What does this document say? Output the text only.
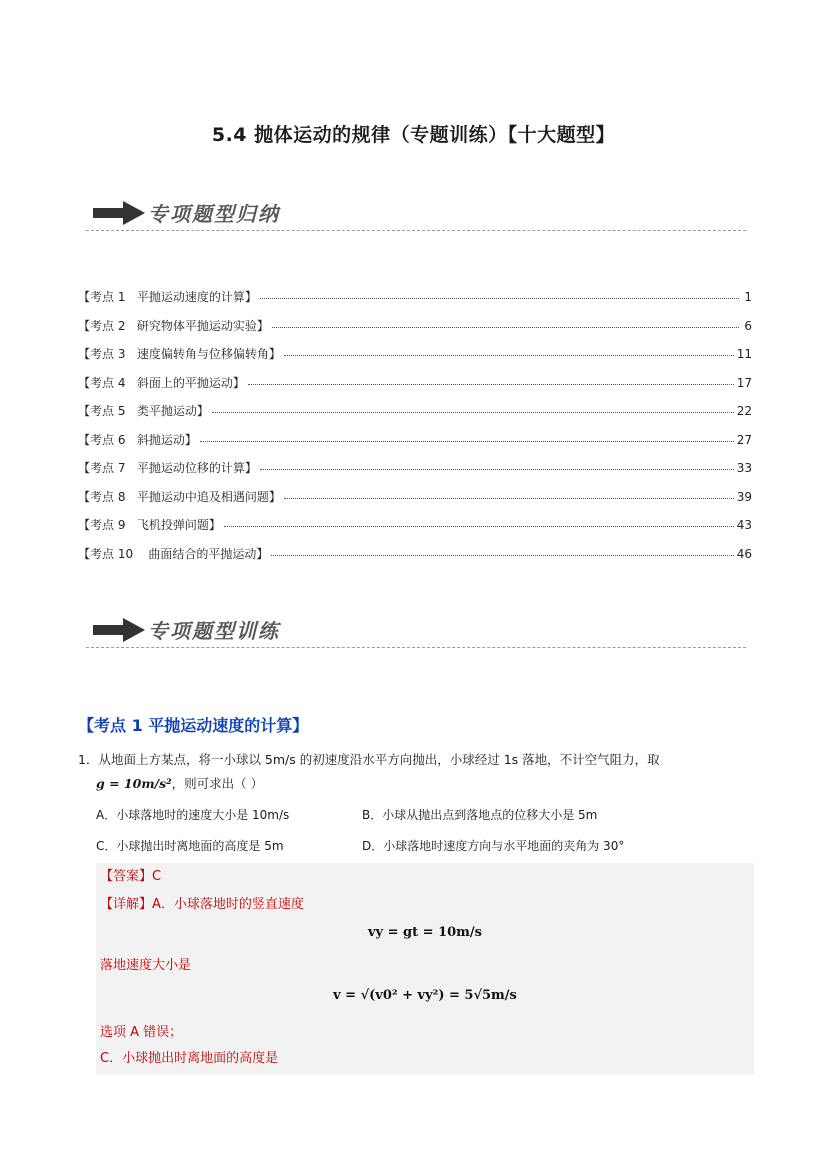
5.4 抛体运动的规律（专题训练）【十大题型】
专项题型归纳
【考点 1   平抛运动速度的计算】	1
【考点 2   研究物体平抛运动实验】	6
【考点 3   速度偏转角与位移偏转角】	11
【考点 4   斜面上的平抛运动】	17
【考点 5   类平抛运动】	22
【考点 6   斜抛运动】	27
【考点 7   平抛运动位移的计算】	33
【考点 8   平抛运动中追及相遇问题】	39
【考点 9   飞机投弹问题】	43
【考点 10    曲面结合的平抛运动】	46
专项题型训练
【考点 1 平抛运动速度的计算】
1．从地面上方某点，将一小球以 5m/s 的初速度沿水平方向抛出，小球经过 1s 落地，不计空气阻力，取
g = 10m/s²，则可求出（ ）
A．小球落地时的速度大小是 10m/s	B．小球从抛出点到落地点的位移大小是 5m
C．小球抛出时离地面的高度是 5m	D．小球落地时速度方向与水平地面的夹角为 30°
【答案】C
【详解】A．小球落地时的竖直速度
vy = gt = 10m/s
落地速度大小是
v = √(v0² + vy²) = 5√5m/s
选项 A 错误；
C．小球抛出时离地面的高度是
